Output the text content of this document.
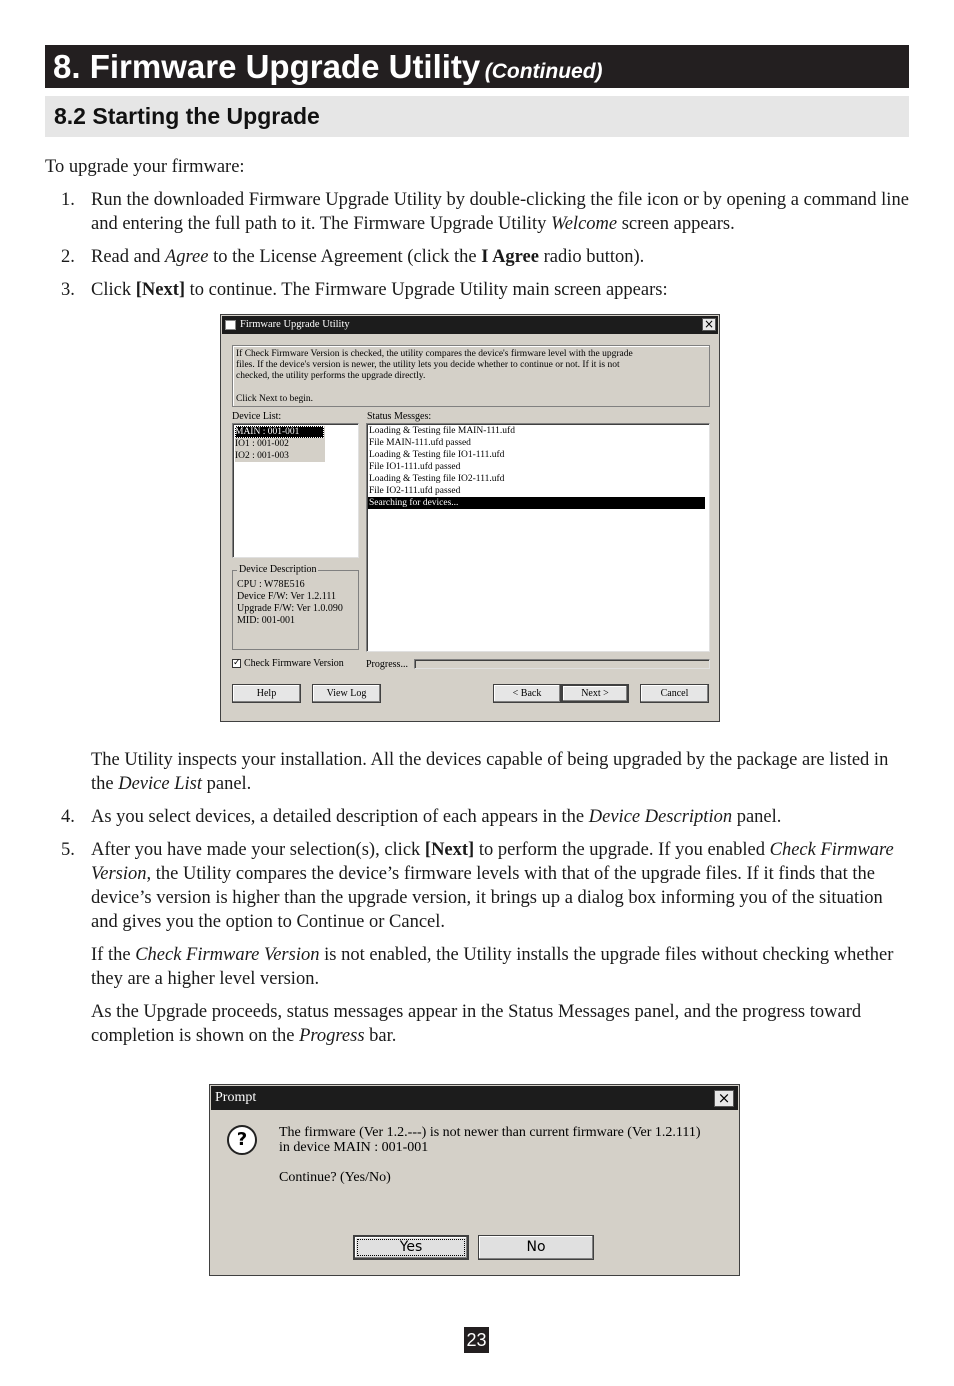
8. Firmware Upgrade Utility (Continued)
8.2 Starting the Upgrade

To upgrade your firmware:

1. Run the downloaded Firmware Upgrade Utility by double-clicking the file icon or by opening a command line and entering the full path to it. The Firmware Upgrade Utility Welcome screen appears.

2. Read and Agree to the License Agreement (click the I Agree radio button).

3. Click [Next] to continue. The Firmware Upgrade Utility main screen appears:

Firmware Upgrade Utility	×
If Check Firmware Version is checked, the utility compares the device's firmware level with the upgrade
files. If the device's version is newer, the utility lets you decide whether to continue or not. If it is not
checked, the utility performs the upgrade directly.
Click Next to begin.
Device List:
MAIN : 001-001
IO1 : 001-002
IO2 : 001-003
Status Messges:
Loading & Testing file MAIN-111.ufd
File MAIN-111.ufd passed
Loading & Testing file IO1-111.ufd
File IO1-111.ufd passed
Loading & Testing file IO2-111.ufd
File IO2-111.ufd passed
Searching for devices...
Device Description
CPU : W78E516
Device F/W: Ver 1.2.111
Upgrade F/W: Ver 1.0.090
MID: 001-001
✓ Check Firmware Version Progress...
Help	View Log	< Back	Next >	Cancel

The Utility inspects your installation. All the devices capable of being upgraded by the package are listed in the Device List panel.

4. As you select devices, a detailed description of each appears in the Device Description panel.

5. After you have made your selection(s), click [Next] to perform the upgrade. If you enabled Check Firmware Version, the Utility compares the device’s firmware levels with that of the upgrade files. If it finds that the device’s version is higher than the upgrade version, it brings up a dialog box informing you of the situation and gives you the option to Continue or Cancel.

If the Check Firmware Version is not enabled, the Utility installs the upgrade files without checking whether they are a higher level version.

As the Upgrade proceeds, status messages appear in the Status Messages panel, and the progress toward completion is shown on the Progress bar.

Prompt	×
?	The firmware (Ver 1.2.---) is not newer than current firmware (Ver 1.2.111)
in device MAIN : 001-001
Continue? (Yes/No)
Yes	No
23
